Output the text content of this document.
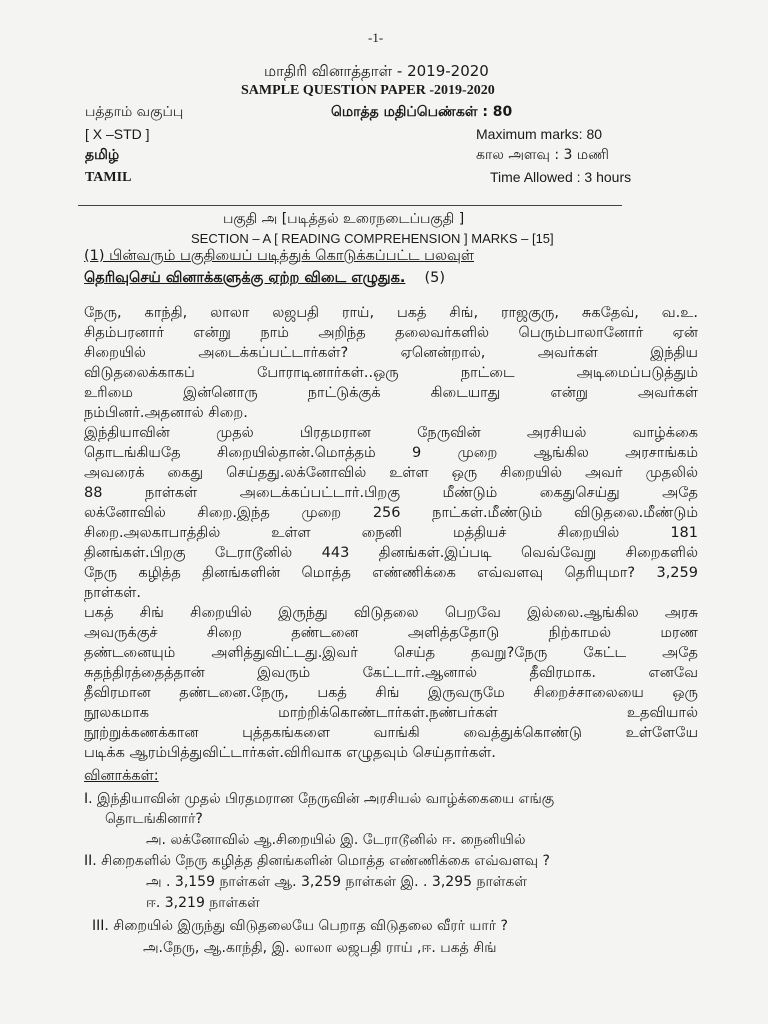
-1-
மாதிரி வினாத்தாள் - 2019-2020
SAMPLE QUESTION PAPER -2019-2020
பத்தாம் வகுப்பு	மொத்த மதிப்பெண்கள் : 80
[ X –STD ]	Maximum marks: 80
தமிழ்	கால அளவு : 3 மணி
TAMIL	Time Allowed : 3 hours
பகுதி அ [படித்தல் உரைநடைப்பகுதி ]
SECTION – A [ READING COMPREHENSION ] MARKS – [15]
(1) பின்வரும் பகுதியைப் படித்துக் கொடுக்கப்பட்ட பலவுள்
தெரிவுசெய் வினாக்களுக்கு ஏற்ற விடை எழுதுக. (5)
நேரு, காந்தி, லாலா லஜபதி ராய், பகத் சிங், ராஜகுரு, சுகதேவ், வ.உ.
சிதம்பரனார் என்று நாம் அறிந்த தலைவர்களில் பெரும்பாலானோர் ஏன்
சிறையில் அடைக்கப்பட்டார்கள்? ஏனென்றால், அவர்கள் இந்திய
விடுதலைக்காகப் போராடினார்கள்..ஒரு நாட்டை அடிமைப்படுத்தும்
உரிமை இன்னொரு நாட்டுக்குக் கிடையாது என்று அவர்கள்
நம்பினர்.அதனால் சிறை.
இந்தியாவின் முதல் பிரதமரான நேருவின் அரசியல் வாழ்க்கை
தொடங்கியதே சிறையில்தான்.மொத்தம் 9 முறை ஆங்கில அரசாங்கம்
அவரைக் கைது செய்தது.லக்னோவில் உள்ள ஒரு சிறையில் அவர் முதலில்
88 நாள்கள் அடைக்கப்பட்டார்.பிறகு மீண்டும் கைதுசெய்து அதே
லக்னோவில் சிறை.இந்த முறை 256 நாட்கள்.மீண்டும் விடுதலை.மீண்டும்
சிறை.அலகாபாத்தில் உள்ள நைனி மத்தியச் சிறையில் 181
தினங்கள்.பிறகு டேராடூனில் 443 தினங்கள்.இப்படி வெவ்வேறு சிறைகளில்
நேரு கழித்த தினங்களின் மொத்த எண்ணிக்கை எவ்வளவு தெரியுமா? 3,259
நாள்கள்.
பகத் சிங் சிறையில் இருந்து விடுதலை பெறவே இல்லை.ஆங்கில அரசு
அவருக்குச் சிறை தண்டனை அளித்ததோடு நிற்காமல் மரண
தண்டனையும் அளித்துவிட்டது.இவர் செய்த தவறு?நேரு கேட்ட அதே
சுதந்திரத்தைத்தான் இவரும் கேட்டார்.ஆனால் தீவிரமாக. எனவே
தீவிரமான தண்டனை.நேரு, பகத் சிங் இருவருமே சிறைச்சாலையை ஒரு
நூலகமாக மாற்றிக்கொண்டார்கள்.நண்பர்கள் உதவியால்
நூற்றுக்கணக்கான புத்தகங்களை வாங்கி வைத்துக்கொண்டு உள்ளேயே
படிக்க ஆரம்பித்துவிட்டார்கள்.விரிவாக எழுதவும் செய்தார்கள்.
வினாக்கள்:
I. இந்தியாவின் முதல் பிரதமரான நேருவின் அரசியல் வாழ்க்கையை எங்கு
தொடங்கினார்?
அ. லக்னோவில் ஆ.சிறையில் இ. டேராடூனில் ஈ. நைனியில்
II. சிறைகளில் நேரு கழித்த தினங்களின் மொத்த எண்ணிக்கை எவ்வளவு ?
அ . 3,159 நாள்கள் ஆ. 3,259 நாள்கள் இ. . 3,295 நாள்கள்
ஈ. 3,219 நாள்கள்
III. சிறையில் இருந்து விடுதலையே பெறாத விடுதலை வீரர் யார் ?
அ.நேரு, ஆ.காந்தி, இ. லாலா லஜபதி ராய் ,ஈ. பகத் சிங்
